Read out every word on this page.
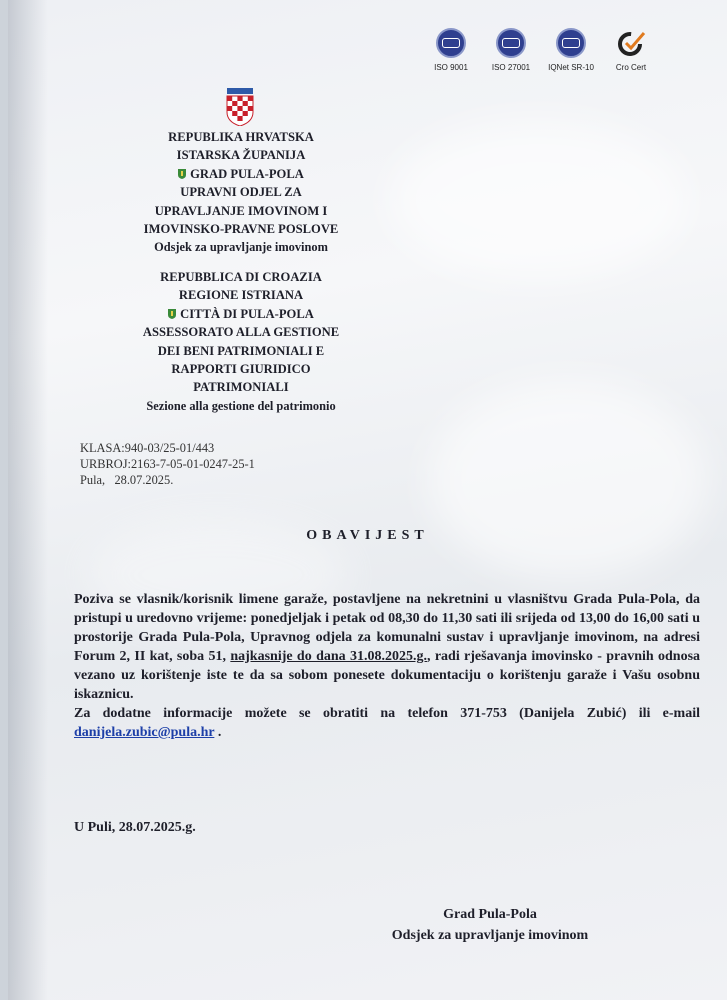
ISO 9001	ISO 27001 IQNet SR-10	Cro Cert
REPUBLIKA HRVATSKA
ISTARSKA ŽUPANIJA
GRAD PULA-POLA
UPRAVNI ODJEL ZA
UPRAVLJANJE IMOVINOM I
IMOVINSKO-PRAVNE POSLOVE
Odsjek za upravljanje imovinom
REPUBBLICA DI CROAZIA
REGIONE ISTRIANA
CITTÀ DI PULA-POLA
ASSESSORATO ALLA GESTIONE
DEI BENI PATRIMONIALI E
RAPPORTI GIURIDICO
PATRIMONIALI
Sezione alla gestione del patrimonio
KLASA:940-03/25-01/443
URBROJ:2163-7-05-01-0247-25-1
Pula, 28.07.2025.
OBAVIJEST

Poziva se vlasnik/korisnik limene garaže, postavljene na nekretnini u vlasništvu Grada Pula-Pola, da pristupi u uredovno vrijeme: ponedjeljak i petak od 08,30 do 11,30 sati ili srijeda od 13,00 do 16,00 sati u prostorije Grada Pula-Pola, Upravnog odjela za komunalni sustav i upravljanje imovinom, na adresi Forum 2, II kat, soba 51, najkasnije do dana 31.08.2025.g., radi rješavanja imovinsko - pravnih odnosa vezano uz korištenje iste te da sa sobom ponesete dokumentaciju o korištenju garaže i Vašu osobnu iskaznicu.

Za dodatne informacije možete se obratiti na telefon 371-753 (Danijela Zubić) ili e-mail danijela.zubic@pula.hr .

U Puli, 28.07.2025.g.
Grad Pula-Pola
Odsjek za upravljanje imovinom
